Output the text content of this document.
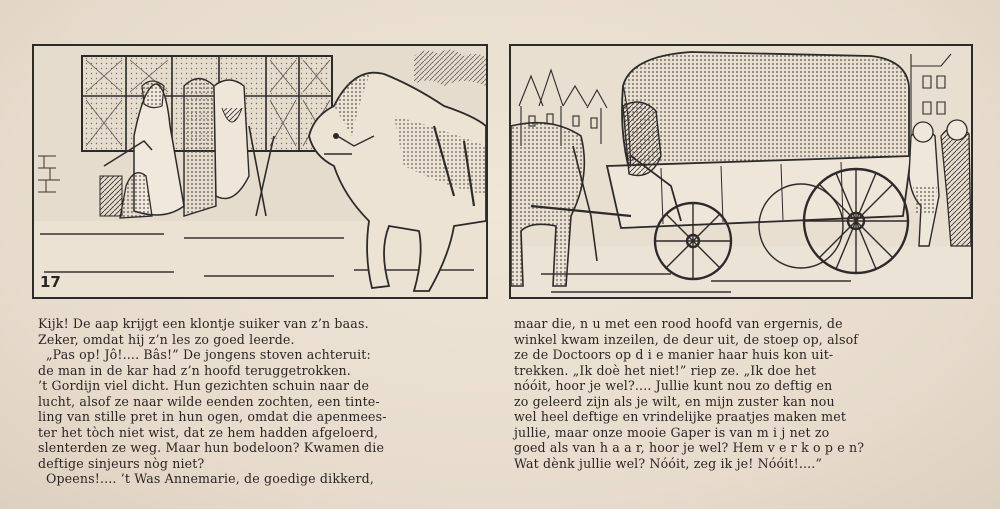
17
Kijk! De aap krijgt een klontje suiker van z’n baas.
Zeker, omdat hij z’n les zo goed leerde.
„Pas op! Jô!.... Bâs!” De jongens stoven achteruit:
de man in de kar had z’n hoofd teruggetrokken.
’t Gordijn viel dicht. Hun gezichten schuin naar de
lucht, alsof ze naar wilde eenden zochten, een tinte-
ling van stille pret in hun ogen, omdat die apenmees-
ter het tòch niet wist, dat ze hem hadden afgeloerd,
slenterden ze weg. Maar hun bodeloon? Kwamen die
deftige sinjeurs nòg niet?
Opeens!.... ’t Was Annemarie, de goedige dikkerd,
maar die, n u met een rood hoofd van ergernis, de
winkel kwam inzeilen, de deur uit, de stoep op, alsof
ze de Doctoors op d i e manier haar huis kon uit-
trekken. „Ik doè het niet!” riep ze. „Ik doe het
nóóit, hoor je wel?.... Jullie kunt nou zo deftig en
zo geleerd zijn als je wilt, en mijn zuster kan nou
wel heel deftige en vrindelijke praatjes maken met
jullie, maar onze mooie Gaper is van m i j net zo
goed als van h a a r, hoor je wel? Hem v e r k o p e n?
Wat dènk jullie wel? Nóóit, zeg ik je! Nóóit!....”
